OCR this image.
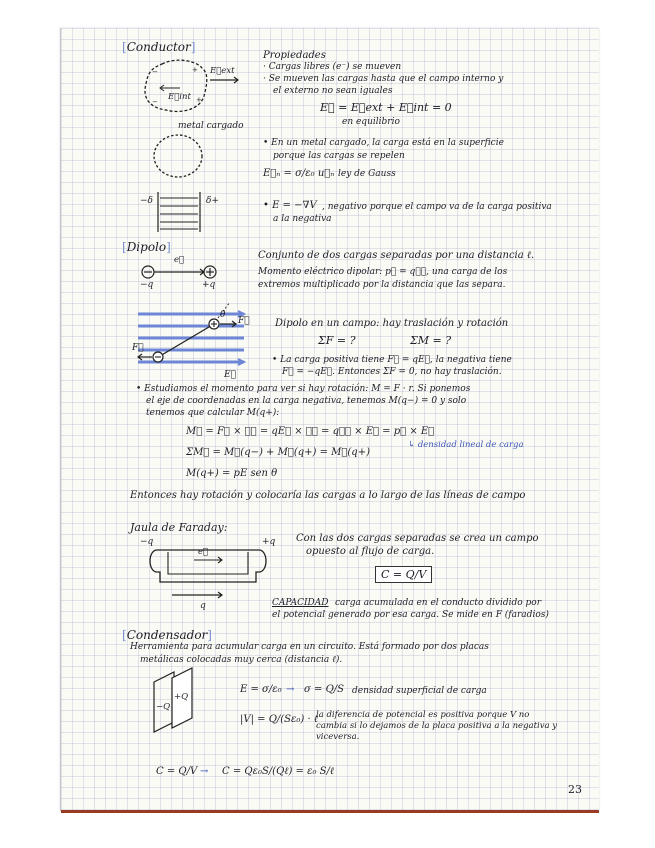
[Conductor]
−
−
+
+
E⃗ext
E⃗int
Propiedades
· Cargas libres (e⁻) se mueven
· Se mueven las cargas hasta que el campo interno y
el externo no sean iguales
E⃗ = E⃗ext + E⃗int = 0
en equilibrio
metal cargado
• En un metal cargado, la carga está en la superficie
porque las cargas se repelen
E⃗ₙ = σ/ε₀ u⃗ₙ ley de Gauss
−δ	δ+	• E = −∇V , negativo porque el campo va de la carga positiva
a la negativa
[Dipolo]
e⃗
−q	+q
Conjunto de dos cargas separadas por una distancia ℓ.
Momento eléctrico dipolar: p⃗ = qℓ⃗, una carga de los
extremos multiplicado por la distancia que las separa.
θ
F⃗
F⃗
E⃗
Dipolo en un campo: hay traslación y rotación
ΣF = ?	ΣM = ?
• La carga positiva tiene F⃗ = qE⃗, la negativa tiene
F⃗ = −qE⃗. Entonces ΣF = 0, no hay traslación.
• Estudiamos el momento para ver si hay rotación: M = F · r. Si ponemos
el eje de coordenadas en la carga negativa, tenemos M(q−) = 0 y solo
tenemos que calcular M(q+):
M⃗ = F⃗ × ℓ⃗ = qE⃗ × ℓ⃗ = qℓ⃗ × E⃗ = p⃗ × E⃗
↳ densidad lineal de carga
ΣM⃗ = M⃗(q−) + M⃗(q+) = M⃗(q+)
M(q+) = pE sen θ
Entonces hay rotación y colocaría las cargas a lo largo de las líneas de campo
Jaula de Faraday:
−q	+q
e⃗
q
Con las dos cargas separadas se crea un campo
opuesto al flujo de carga.
C = Q/V
CAPACIDAD carga acumulada en el conducto dividido por
el potencial generado por esa carga. Se mide en F (faradios)
[Condensador]
Herramienta para acumular carga en un circuito. Está formado por dos placas
metálicas colocadas muy cerca (distancia ℓ).
−Q
+Q
E = σ/ε₀ → σ = Q/S densidad superficial de carga
|V| = Q/(Sε₀) · ℓ
la diferencia de potencial es positiva porque V no
cambia si lo dejamos de la placa positiva a la negativa y
viceversa.
C = Q/V → C = Qε₀S/(Qℓ) = ε₀ S/ℓ
23
